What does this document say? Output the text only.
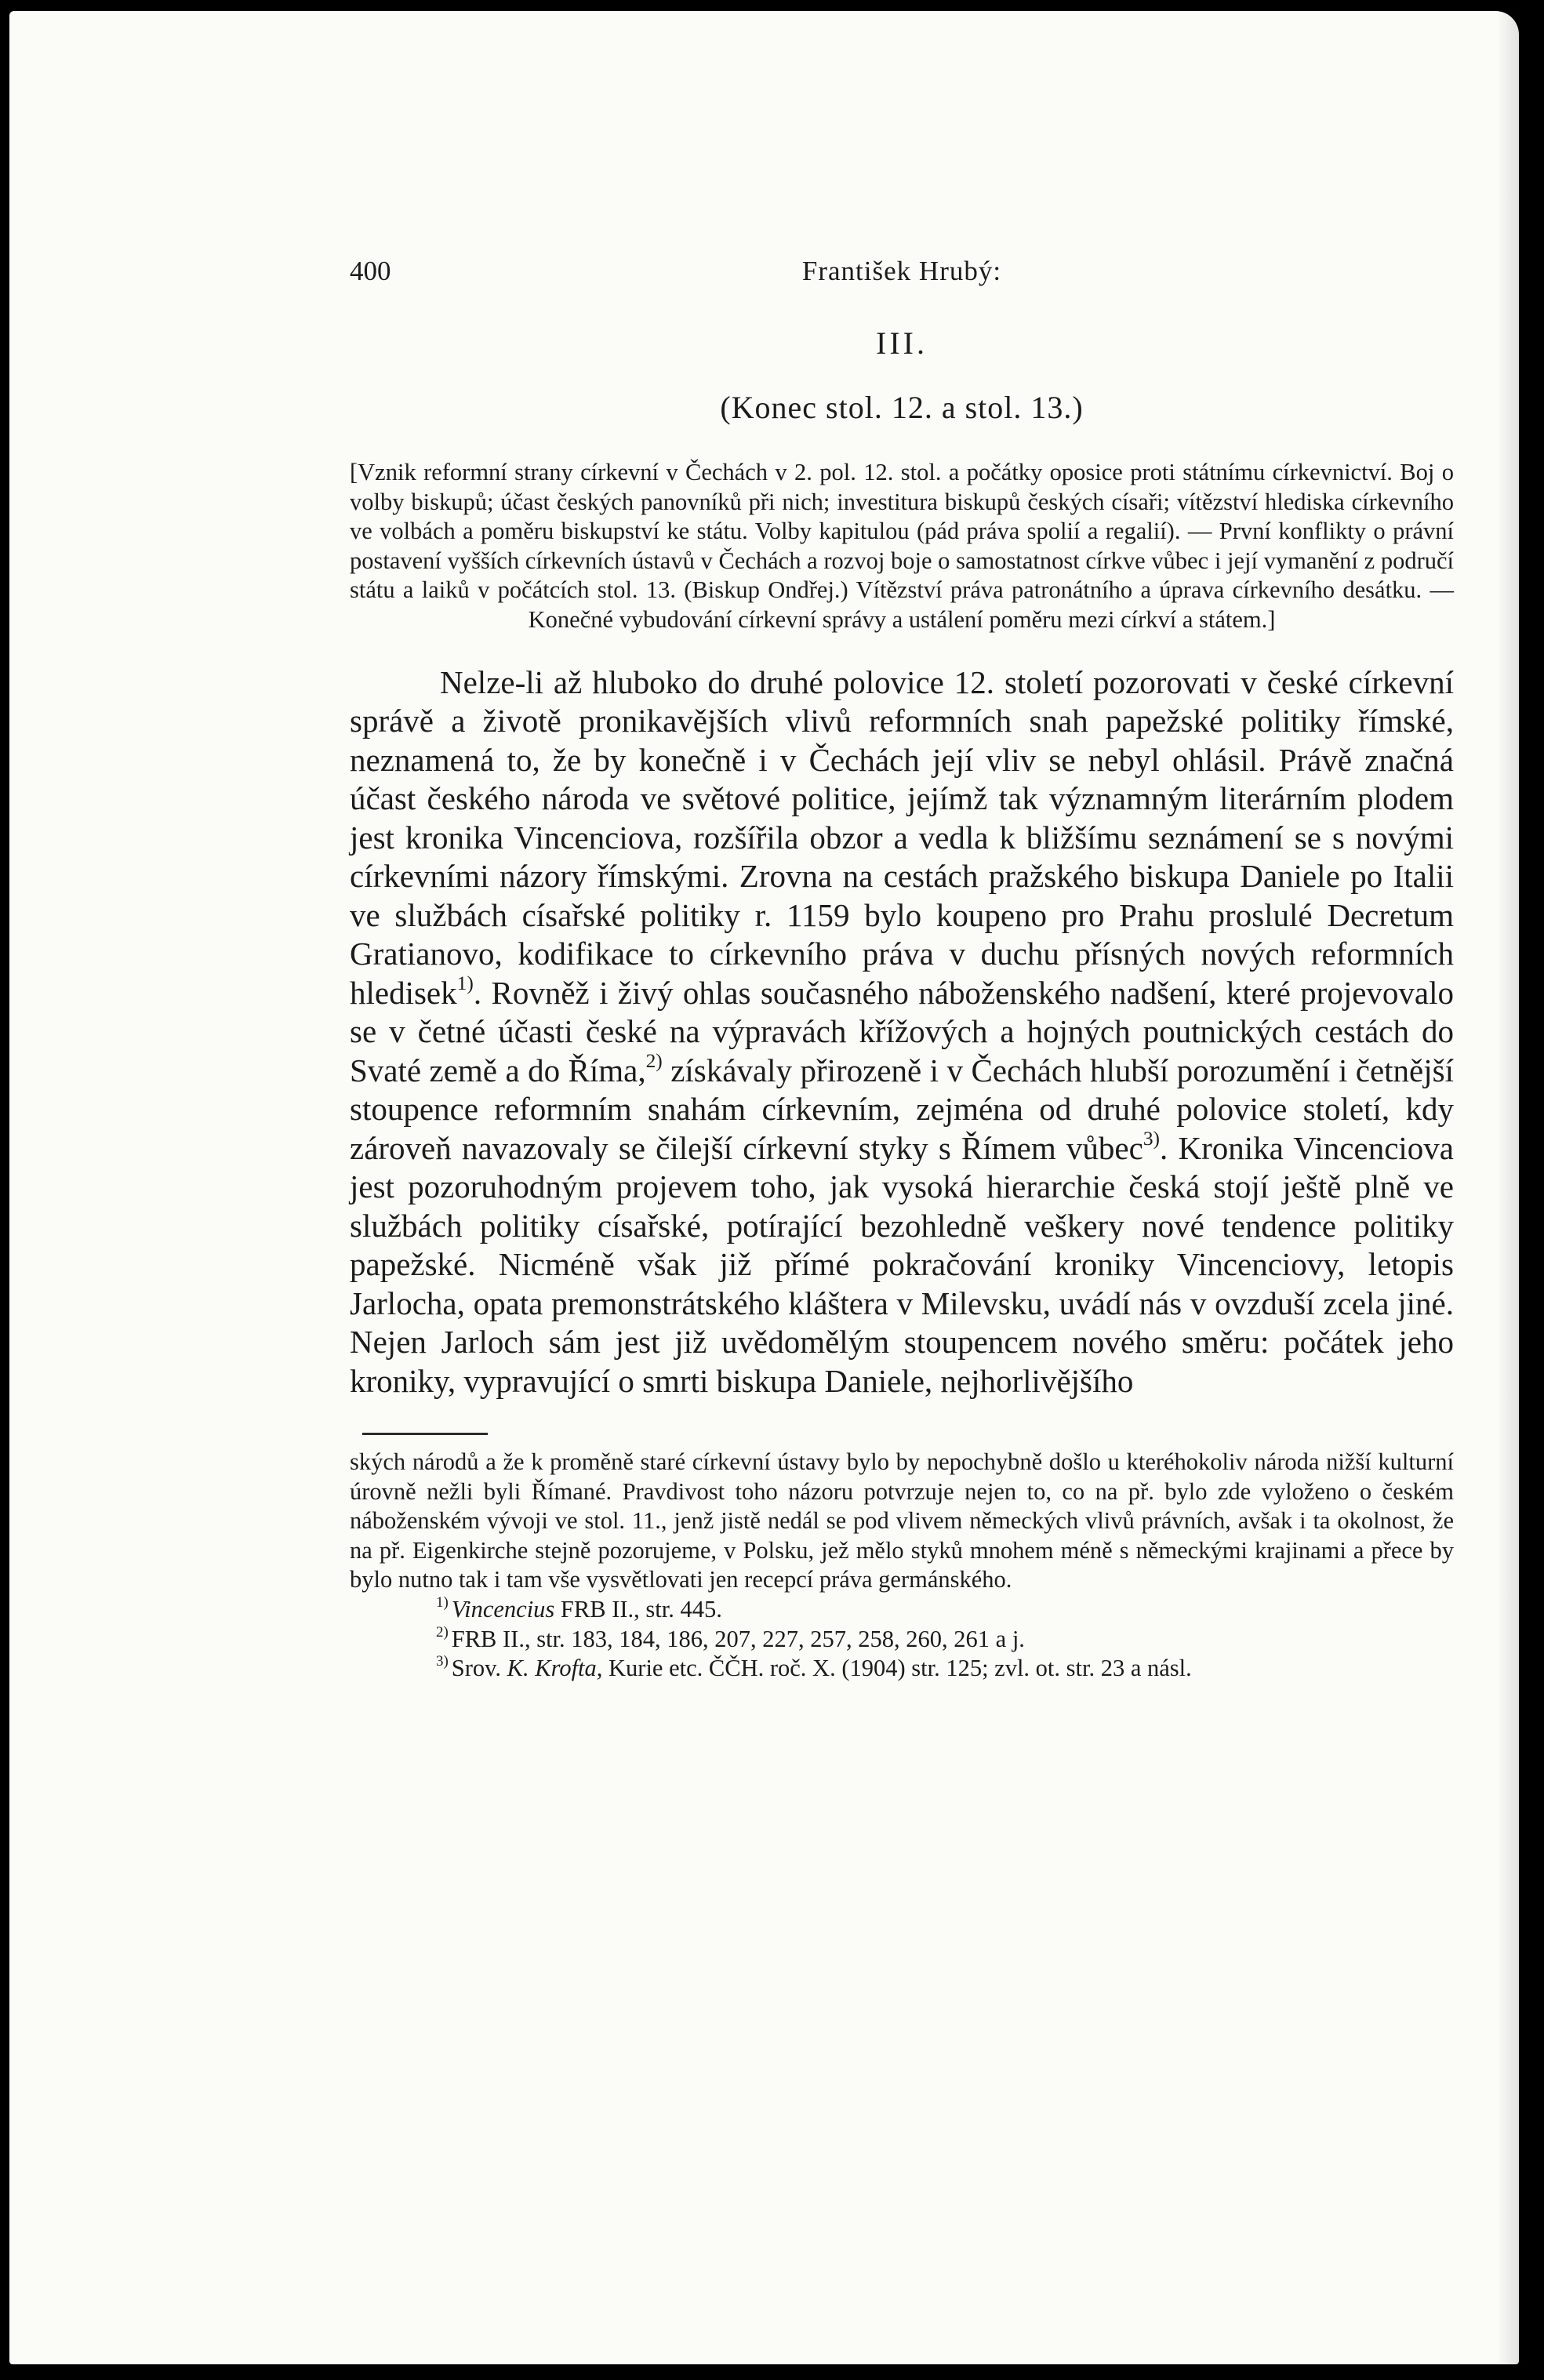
400	František Hrubý:
III.
(Konec stol. 12. a stol. 13.)

[Vznik reformní strany církevní v Čechách v 2. pol. 12. stol. a počátky oposice proti státnímu církevnictví. Boj o volby biskupů; účast českých panovníků při nich; investitura biskupů českých císaři; vítězství hlediska církevního ve volbách a poměru biskupství ke státu. Volby kapitulou (pád práva spolií a regalií). — První konflikty o právní postavení vyšších církevních ústavů v Čechách a rozvoj boje o samostatnost církve vůbec i její vymanění z područí státu a laiků v počátcích stol. 13. (Biskup Ondřej.) Vítězství práva patronátního a úprava církevního desátku. — Konečné vybudování církevní správy a ustálení poměru mezi církví a státem.]

Nelze-li až hluboko do druhé polovice 12. století pozorovati v české církevní správě a životě pronikavějších vlivů reformních snah papežské politiky římské, neznamená to, že by konečně i v Čechách její vliv se nebyl ohlásil. Právě značná účast českého národa ve světové politice, jejímž tak významným literárním plodem jest kronika Vincenciova, rozšířila obzor a vedla k bližšímu seznámení se s novými církevními názory římskými. Zrovna na cestách pražského biskupa Daniele po Italii ve službách císařské politiky r. 1159 bylo koupeno pro Prahu proslulé Decretum Gratianovo, kodifikace to církevního práva v duchu přísných nových reformních hledisek$^{1)}$. Rovněž i živý ohlas současného náboženského nadšení, které projevovalo se v četné účasti české na výpravách křížových a hojných poutnických cestách do Svaté země a do Říma,$^{2)}$ získávaly přirozeně i v Čechách hlubší porozumění i četnější stoupence reformním snahám církevním, zejména od druhé polovice století, kdy zároveň navazovaly se čilejší církevní styky s Římem vůbec$^{3)}$. Kronika Vincenciova jest pozoruhodným projevem toho, jak vysoká hierarchie česká stojí ještě plně ve službách politiky císařské, potírající bezohledně veškery nové tendence politiky papežské. Nicméně však již přímé pokračování kroniky Vincenciovy, letopis Jarlocha, opata premonstrátského kláštera v Milevsku, uvádí nás v ovzduší zcela jiné. Nejen Jarloch sám jest již uvědomělým stoupencem nového směru: počátek jeho kroniky, vypravující o smrti biskupa Daniele, nejhorlivějšího

ských národů a že k proměně staré církevní ústavy bylo by nepochybně došlo u kteréhokoliv národa nižší kulturní úrovně nežli byli Římané. Pravdivost toho názoru potvrzuje nejen to, co na př. bylo zde vyloženo o českém náboženském vývoji ve stol. 11., jenž jistě nedál se pod vlivem německých vlivů právních, avšak i ta okolnost, že na př. Eigenkirche stejně pozorujeme, v Polsku, jež mělo styků mnohem méně s německými krajinami a přece by bylo nutno tak i tam vše vysvětlovati jen recepcí práva germánského.

$^{1)}$ Vincencius FRB II., str. 445.

$^{2)}$ FRB II., str. 183, 184, 186, 207, 227, 257, 258, 260, 261 a j.

$^{3)}$ Srov. K. Krofta, Kurie etc. ČČH. roč. X. (1904) str. 125; zvl. ot. str. 23 a násl.
